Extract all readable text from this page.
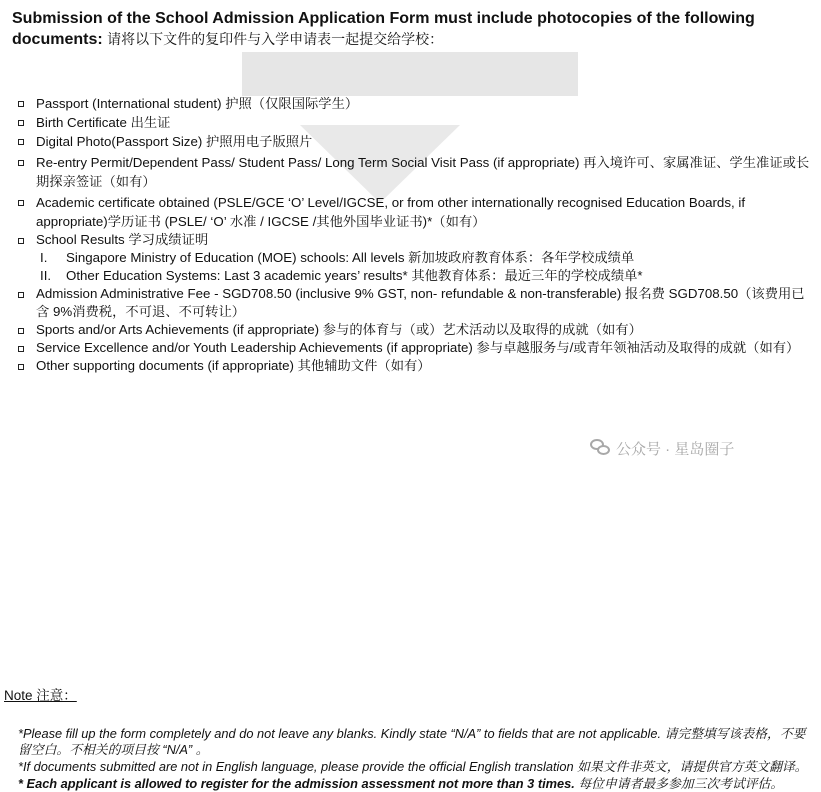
Submission of the School Admission Application Form must include photocopies of the following documents: 请将以下文件的复印件与入学申请表一起提交给学校：
Passport (International student) 护照（仅限国际学生）
Birth Certificate 出生证
Digital Photo(Passport Size) 护照用电子版照片
Re-entry Permit/Dependent Pass/ Student Pass/ Long Term Social Visit Pass (if appropriate) 再入境许可、家属准证、学生准证或长期探亲签证（如有）
Academic certificate obtained (PSLE/GCE ‘O’ Level/IGCSE, or from other internationally recognised Education Boards, if appropriate)学历证书 (PSLE/ ‘O’ 水准 / IGCSE /其他外国毕业证书)*（如有）
School Results 学习成绩证明
I. Singapore Ministry of Education (MOE) schools: All levels 新加坡政府教育体系：各年学校成绩单
II. Other Education Systems: Last 3 academic years’ results* 其他教育体系：最近三年的学校成绩单*
Admission Administrative Fee - SGD708.50 (inclusive 9% GST, non- refundable & non-transferable) 报名费 SGD708.50（该费用已含 9%消费税，不可退、不可转让）
Sports and/or Arts Achievements (if appropriate) 参与的体育与（或）艺术活动以及取得的成就（如有）
Service Excellence and/or Youth Leadership Achievements (if appropriate) 参与卓越服务与/或青年领袖活动及取得的成就（如有）
Other supporting documents (if appropriate) 其他辅助文件（如有）
Note 注意：

*Please fill up the form completely and do not leave any blanks. Kindly state “N/A” to fields that are not applicable. 请完整填写该表格，不要留空白。不相关的项目按 “N/A” 。

*If documents submitted are not in English language, please provide the official English translation 如果文件非英文，请提供官方英文翻译。

* Each applicant is allowed to register for the admission assessment not more than 3 times. 每位申请者最多参加三次考试评估。

公众号 · 星岛圈子
